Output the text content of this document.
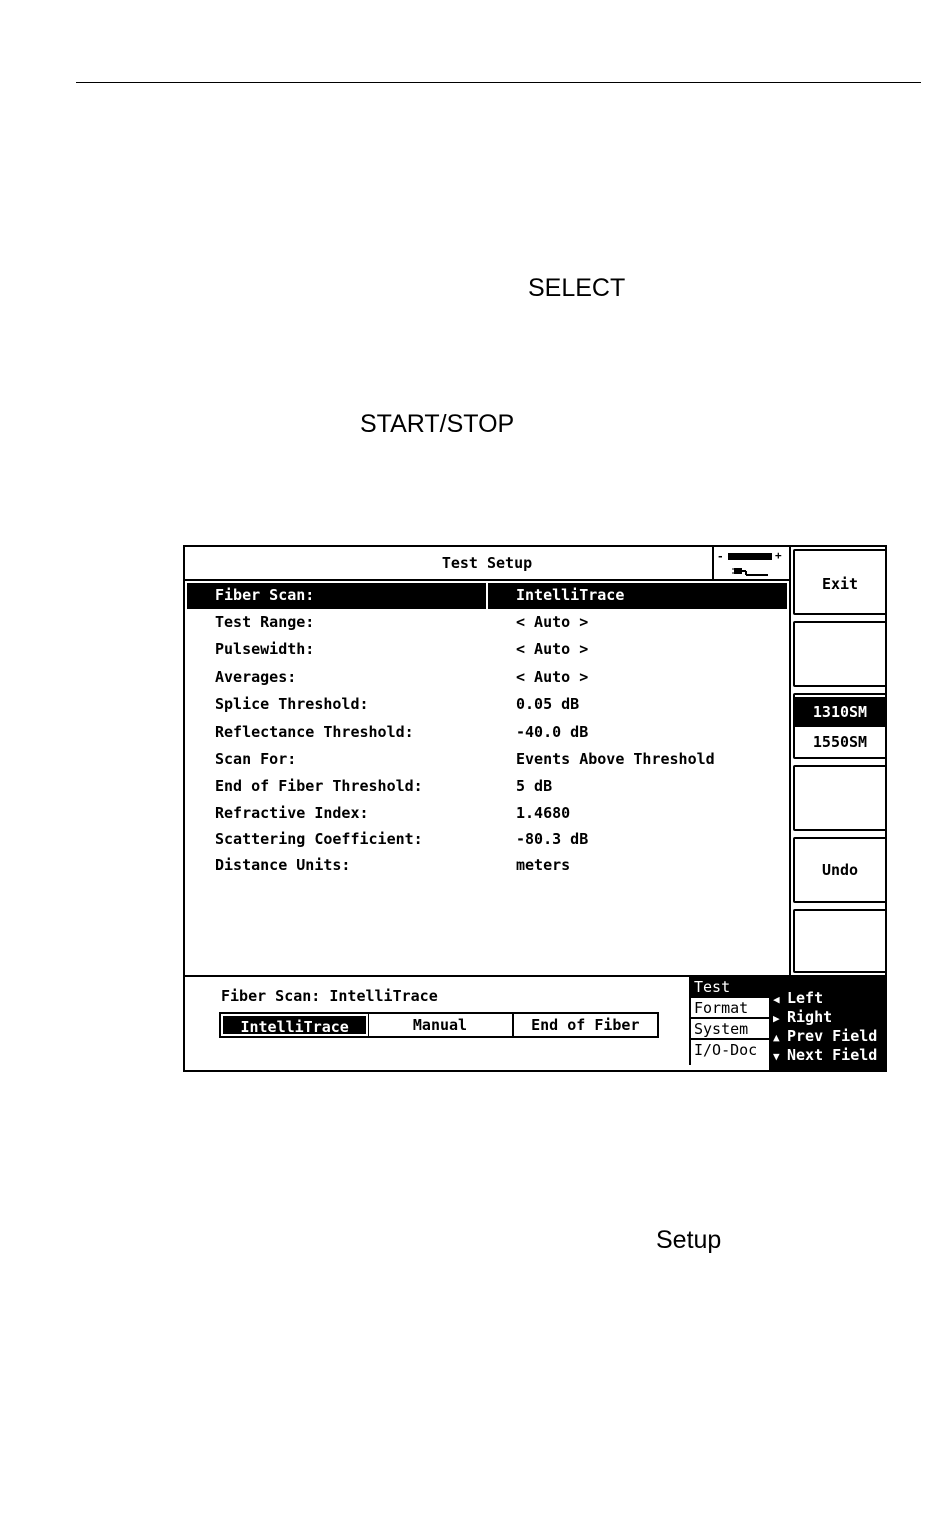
SELECT
START/STOP
Setup
Test Setup	-	+
Fiber Scan:	IntelliTrace
Test Range:	< Auto >
Pulsewidth:	< Auto >
Averages:	< Auto >
Splice Threshold:	0.05 dB
Reflectance Threshold:	-40.0 dB
Scan For:	Events Above Threshold
End of Fiber Threshold:	5 dB
Refractive Index:	1.4680
Scattering Coefficient:	-80.3 dB
Distance Units:	meters
Exit
1310SM
1550SM
Undo
Fiber Scan: IntelliTrace
IntelliTrace	Manual	End of Fiber
Test
Format
System
I/O-Doc
◀ Left
▶ Right
▲ Prev Field
▼ Next Field
